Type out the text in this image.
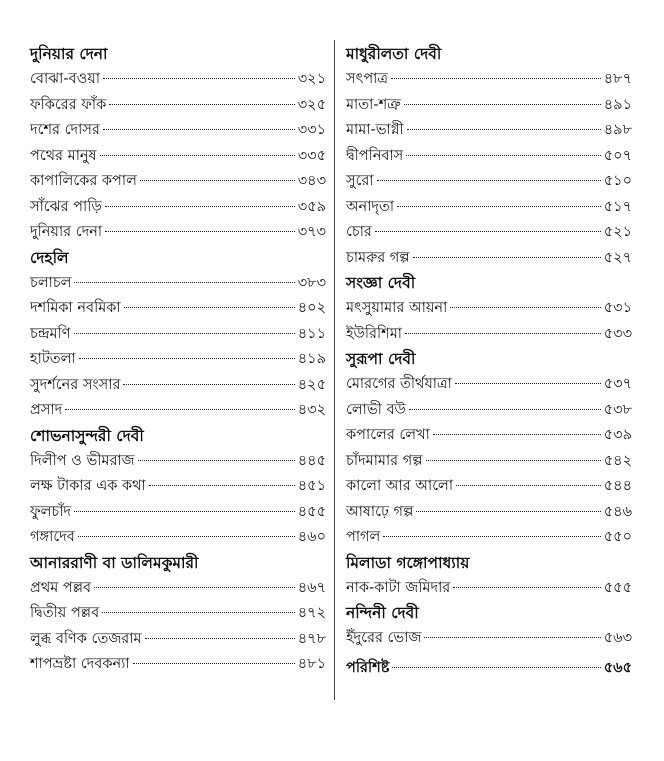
দুনিয়ার দেনা
বোঝা-বওয়া	৩২১
ফকিরের ফাঁক	৩২৫
দশের দোসর	৩৩১
পথের মানুষ	৩৩৫
কাপালিকের কপাল	৩৪৩
সাঁঝের পাড়ি	৩৫৯
দুনিয়ার দেনা	৩৭৩
দেহলি
চলাচল	৩৮৩
দশমিকা নবমিকা	৪০২
চন্দ্রমণি	৪১১
হাটতলা	৪১৯
সুদর্শনের সংসার	৪২৫
প্রসাদ	৪৩২
শোভনাসুন্দরী দেবী
দিলীপ ও ভীমরাজ	৪৪৫
লক্ষ টাকার এক কথা	৪৫১
ফুলচাঁদ	৪৫৫
গঙ্গাদেব	৪৬০
আনাররাণী বা ডালিমকুমারী
প্রথম পল্লব	৪৬৭
দ্বিতীয় পল্লব	৪৭২
লুব্ধ বণিক তেজরাম	৪৭৮
শাপভ্রষ্টা দেবকন্যা	৪৮১
মাধুরীলতা দেবী
সৎপাত্র	৪৮৭
মাতা-শত্রু	৪৯১
মামা-ভাগ্নী	৪৯৮
দ্বীপনিবাস	৫০৭
সুরো	৫১০
অনাদৃতা	৫১৭
চোর	৫২১
চামরুর গল্প	৫২৭
সংজ্ঞা দেবী
মৎসুয়ামার আয়না	৫৩১
ইউরিশিমা	৫৩৩
সুরূপা দেবী
মোরগের তীর্থযাত্রা	৫৩৭
লোভী বউ	৫৩৮
কপালের লেখা	৫৩৯
চাঁদমামার গল্প	৫৪২
কালো আর আলো	৫৪৪
আষাঢ়ে গল্প	৫৪৬
পাগল	৫৫০
মিলাডা গঙ্গোপাধ্যায়
নাক-কাটা জমিদার	৫৫৫
নন্দিনী দেবী
ইঁদুরের ভোজ	৫৬৩
পরিশিষ্ট	৫৬৫
